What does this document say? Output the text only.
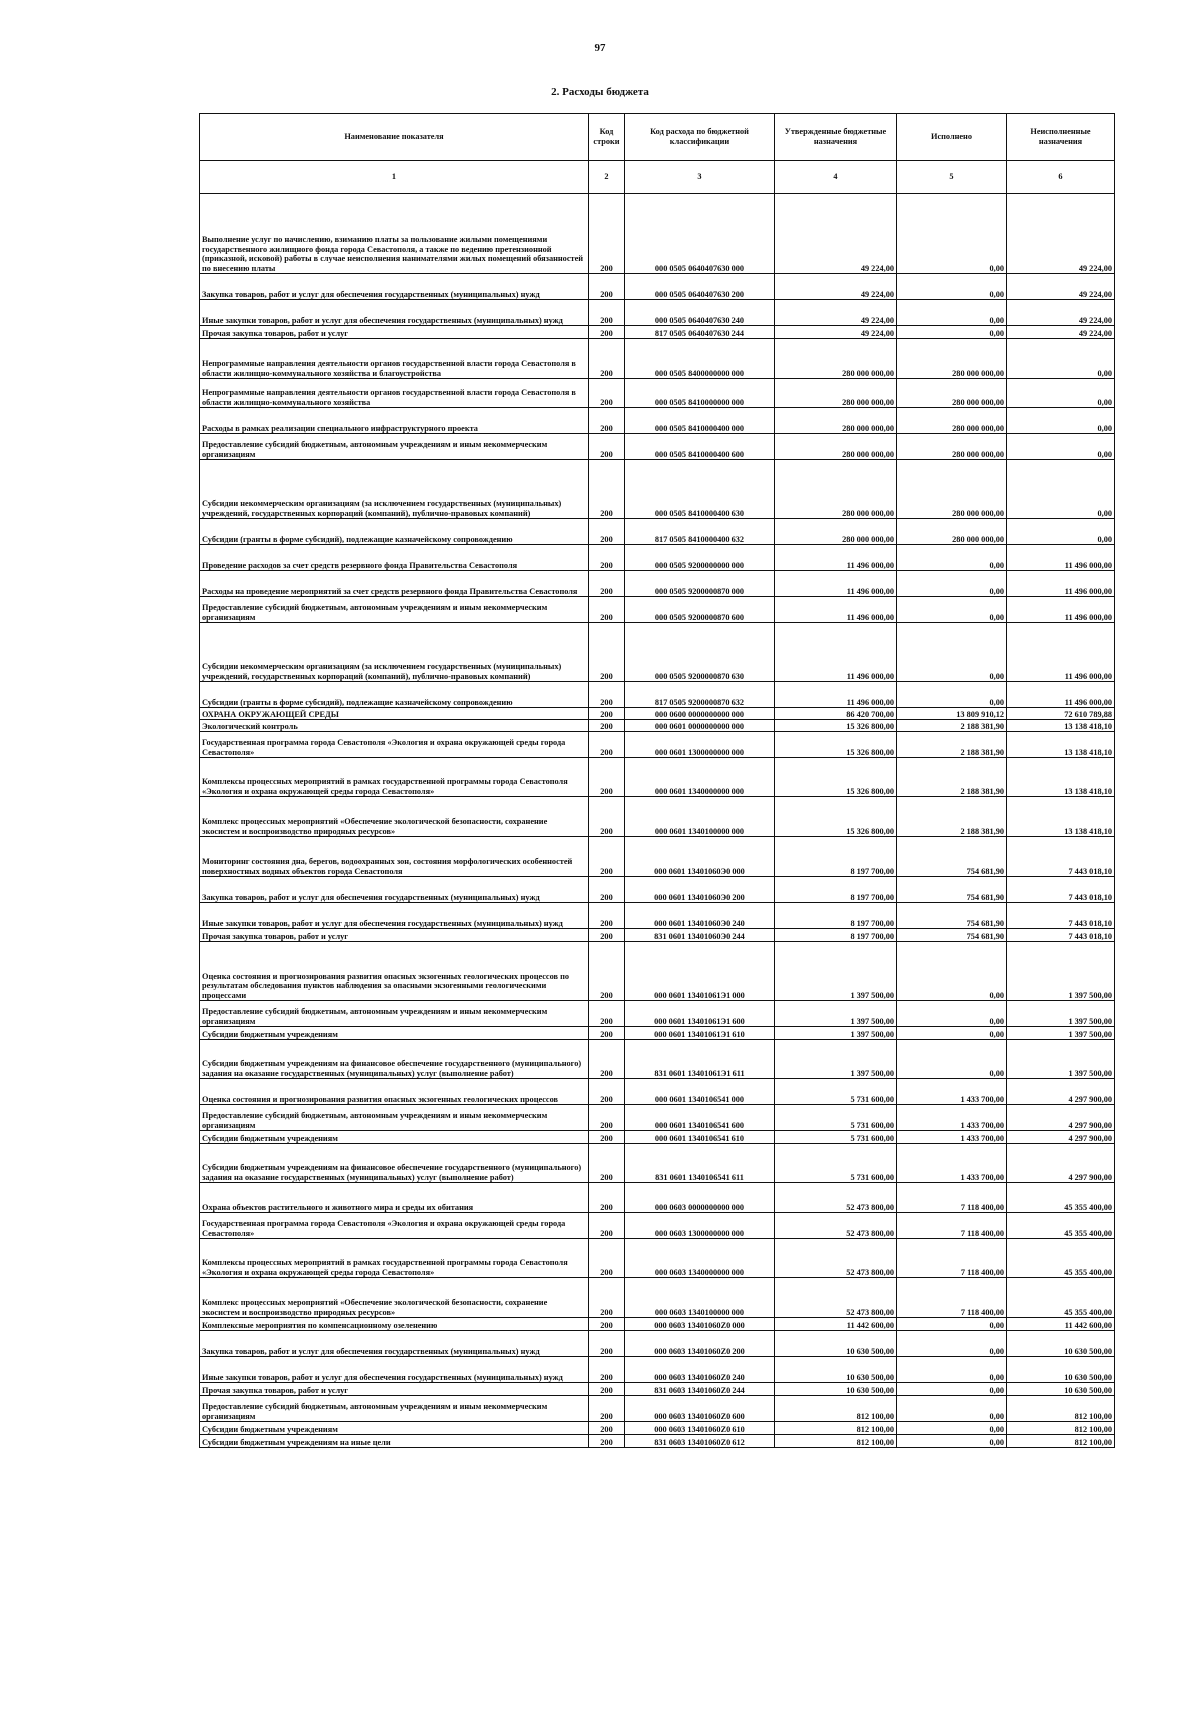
97
2. Расходы бюджета
Наименование показателя	Код строки	Код расхода по бюджетной классификации	Утвержденные бюджетные назначения	Исполнено	Неисполненные назначения
1	2	3	4	5	6
Выполнение услуг по начислению, взиманию платы за пользование жилыми помещениями государственного жилищного фонда города Севастополя, а также по ведению претензионной (приказной, исковой) работы в случае неисполнения нанимателями жилых помещений обязанностей по внесению платы	200	000 0505 0640407630 000	49 224,00	0,00	49 224,00
Закупка товаров, работ и услуг для обеспечения государственных (муниципальных) нужд	200	000 0505 0640407630 200	49 224,00	0,00	49 224,00
Иные закупки товаров, работ и услуг для обеспечения государственных (муниципальных) нужд	200	000 0505 0640407630 240	49 224,00	0,00	49 224,00
Прочая закупка товаров, работ и услуг	200	817 0505 0640407630 244	49 224,00	0,00	49 224,00
Непрограммные направления деятельности органов государственной власти города Севастополя в области жилищно-коммунального хозяйства и благоустройства	200	000 0505 8400000000 000	280 000 000,00	280 000 000,00	0,00
Непрограммные направления деятельности органов государственной власти города Севастополя в области жилищно-коммунального хозяйства	200	000 0505 8410000000 000	280 000 000,00	280 000 000,00	0,00
Расходы в рамках реализации специального инфраструктурного проекта	200	000 0505 8410000400 000	280 000 000,00	280 000 000,00	0,00
Предоставление субсидий бюджетным, автономным учреждениям и иным некоммерческим организациям	200	000 0505 8410000400 600	280 000 000,00	280 000 000,00	0,00
Субсидии некоммерческим организациям (за исключением государственных (муниципальных) учреждений, государственных корпораций (компаний), публично-правовых компаний)	200	000 0505 8410000400 630	280 000 000,00	280 000 000,00	0,00
Субсидии (гранты в форме субсидий), подлежащие казначейскому сопровождению	200	817 0505 8410000400 632	280 000 000,00	280 000 000,00	0,00
Проведение расходов за счет средств резервного фонда Правительства Севастополя	200	000 0505 9200000000 000	11 496 000,00	0,00	11 496 000,00
Расходы на проведение мероприятий за счет средств резервного фонда Правительства Севастополя	200	000 0505 9200000870 000	11 496 000,00	0,00	11 496 000,00
Предоставление субсидий бюджетным, автономным учреждениям и иным некоммерческим организациям	200	000 0505 9200000870 600	11 496 000,00	0,00	11 496 000,00
Субсидии некоммерческим организациям (за исключением государственных (муниципальных) учреждений, государственных корпораций (компаний), публично-правовых компаний)	200	000 0505 9200000870 630	11 496 000,00	0,00	11 496 000,00
Субсидии (гранты в форме субсидий), подлежащие казначейскому сопровождению	200	817 0505 9200000870 632	11 496 000,00	0,00	11 496 000,00
ОХРАНА ОКРУЖАЮЩЕЙ СРЕДЫ	200	000 0600 0000000000 000	86 420 700,00	13 809 910,12	72 610 789,88
Экологический контроль	200	000 0601 0000000000 000	15 326 800,00	2 188 381,90	13 138 418,10
Государственная программа города Севастополя «Экология и охрана окружающей среды города Севастополя»	200	000 0601 1300000000 000	15 326 800,00	2 188 381,90	13 138 418,10
Комплексы процессных мероприятий в рамках государственной программы города Севастополя «Экология и охрана окружающей среды города Севастополя»	200	000 0601 1340000000 000	15 326 800,00	2 188 381,90	13 138 418,10
Комплекс процессных мероприятий «Обеспечение экологической безопасности, сохранение экосистем и воспроизводство природных ресурсов»	200	000 0601 1340100000 000	15 326 800,00	2 188 381,90	13 138 418,10
Мониторинг состояния дна, берегов, водоохранных зон, состояния морфологических особенностей поверхностных водных объектов города Севастополя	200	000 0601 13401060Э0 000	8 197 700,00	754 681,90	7 443 018,10
Закупка товаров, работ и услуг для обеспечения государственных (муниципальных) нужд	200	000 0601 13401060Э0 200	8 197 700,00	754 681,90	7 443 018,10
Иные закупки товаров, работ и услуг для обеспечения государственных (муниципальных) нужд	200	000 0601 13401060Э0 240	8 197 700,00	754 681,90	7 443 018,10
Прочая закупка товаров, работ и услуг	200	831 0601 13401060Э0 244	8 197 700,00	754 681,90	7 443 018,10
Оценка состояния и прогнозирования развития опасных экзогенных геологических процессов по результатам обследования пунктов наблюдения за опасными экзогенными геологическими процессами	200	000 0601 13401061Э1 000	1 397 500,00	0,00	1 397 500,00
Предоставление субсидий бюджетным, автономным учреждениям и иным некоммерческим организациям	200	000 0601 13401061Э1 600	1 397 500,00	0,00	1 397 500,00
Субсидии бюджетным учреждениям	200	000 0601 13401061Э1 610	1 397 500,00	0,00	1 397 500,00
Субсидии бюджетным учреждениям на финансовое обеспечение государственного (муниципального) задания на оказание государственных (муниципальных) услуг (выполнение работ)	200	831 0601 13401061Э1 611	1 397 500,00	0,00	1 397 500,00
Оценка состояния и прогнозирования развития опасных экзогенных геологических процессов	200	000 0601 1340106541 000	5 731 600,00	1 433 700,00	4 297 900,00
Предоставление субсидий бюджетным, автономным учреждениям и иным некоммерческим организациям	200	000 0601 1340106541 600	5 731 600,00	1 433 700,00	4 297 900,00
Субсидии бюджетным учреждениям	200	000 0601 1340106541 610	5 731 600,00	1 433 700,00	4 297 900,00
Субсидии бюджетным учреждениям на финансовое обеспечение государственного (муниципального) задания на оказание государственных (муниципальных) услуг (выполнение работ)	200	831 0601 1340106541 611	5 731 600,00	1 433 700,00	4 297 900,00
Охрана объектов растительного и животного мира и среды их обитания	200	000 0603 0000000000 000	52 473 800,00	7 118 400,00	45 355 400,00
Государственная программа города Севастополя «Экология и охрана окружающей среды города Севастополя»	200	000 0603 1300000000 000	52 473 800,00	7 118 400,00	45 355 400,00
Комплексы процессных мероприятий в рамках государственной программы города Севастополя «Экология и охрана окружающей среды города Севастополя»	200	000 0603 1340000000 000	52 473 800,00	7 118 400,00	45 355 400,00
Комплекс процессных мероприятий «Обеспечение экологической безопасности, сохранение экосистем и воспроизводство природных ресурсов»	200	000 0603 1340100000 000	52 473 800,00	7 118 400,00	45 355 400,00
Комплексные мероприятия по компенсационному озеленению	200	000 0603 13401060Z0 000	11 442 600,00	0,00	11 442 600,00
Закупка товаров, работ и услуг для обеспечения государственных (муниципальных) нужд	200	000 0603 13401060Z0 200	10 630 500,00	0,00	10 630 500,00
Иные закупки товаров, работ и услуг для обеспечения государственных (муниципальных) нужд	200	000 0603 13401060Z0 240	10 630 500,00	0,00	10 630 500,00
Прочая закупка товаров, работ и услуг	200	831 0603 13401060Z0 244	10 630 500,00	0,00	10 630 500,00
Предоставление субсидий бюджетным, автономным учреждениям и иным некоммерческим организациям	200	000 0603 13401060Z0 600	812 100,00	0,00	812 100,00
Субсидии бюджетным учреждениям	200	000 0603 13401060Z0 610	812 100,00	0,00	812 100,00
Субсидии бюджетным учреждениям на иные цели	200	831 0603 13401060Z0 612	812 100,00	0,00	812 100,00
